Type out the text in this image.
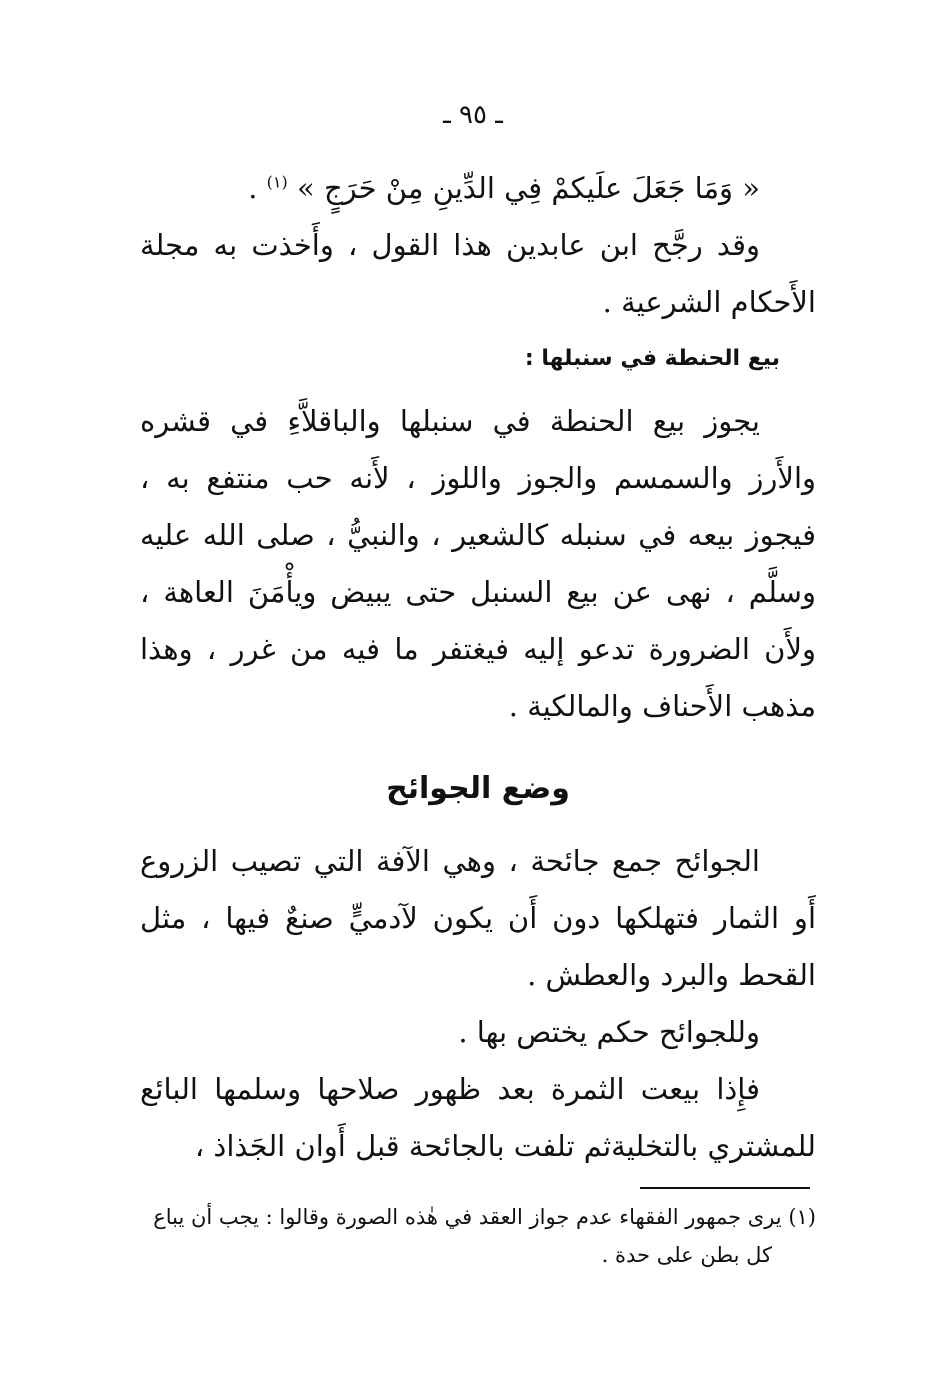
ـ ٩٥ ـ

« وَمَا جَعَلَ علَيكمْ فِي الدِّينِ مِنْ حَرَجٍ » $^{(١)}$ .

وقد رجَّح ابن عابدين هذا القول ، وأَخذت به مجلة الأَحكام الشرعية .

بيع الحنطة في سنبلها :

يجوز بيع الحنطة في سنبلها والباقلاَّءِ في قشره والأَرز والسمسم والجوز واللوز ، لأَنه حب منتفع به ، فيجوز بيعه في سنبله كالشعير ، والنبيُّ ، صلى الله عليه وسلَّم ، نهى عن بيع السنبل حتى يبيض ويأْمَنَ العاهة ، ولأَن الضرورة تدعو إليه فيغتفر ما فيه من غرر ، وهذا مذهب الأَحناف والمالكية .

وضع الجوائح

الجوائح جمع جائحة ، وهي الآفة التي تصيب الزروع أَو الثمار فتهلكها دون أَن يكون لآدميٍّ صنعٌ فيها ، مثل القحط والبرد والعطش .

وللجوائح حكم يختص بها .

فإِذا بيعت الثمرة بعد ظهور صلاحها وسلمها البائع للمشتري بالتخليةثم تلفت بالجائحة قبل أَوان الجَذاذ ،

(١) يرى جمهور الفقهاء عدم جواز العقد في هٰذه الصورة وقالوا : يجب أن يباع

كل بطن على حدة .
